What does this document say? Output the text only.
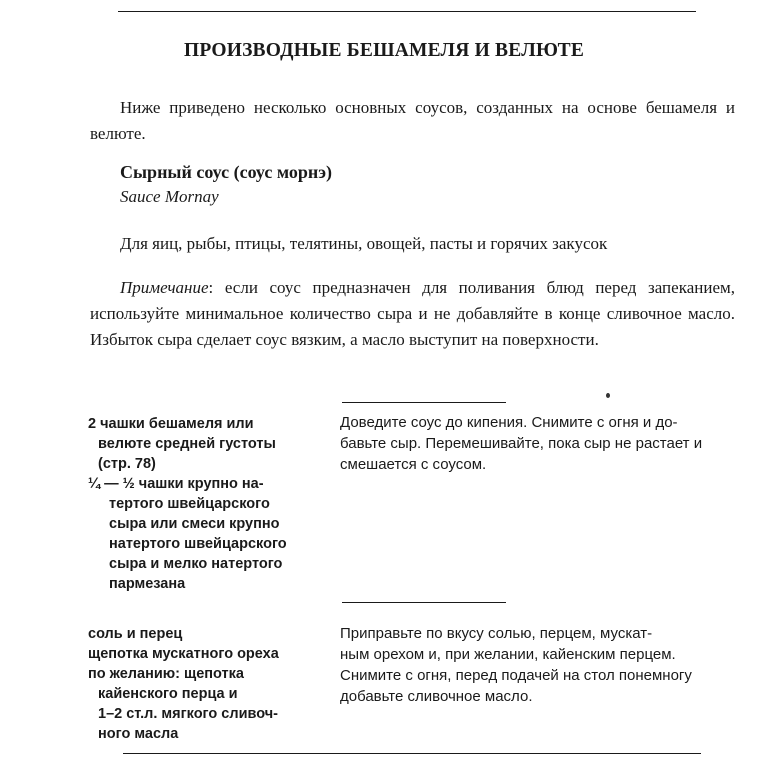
ПРОИЗВОДНЫЕ БЕШАМЕЛЯ И ВЕЛЮТЕ

Ниже приведено несколько основных соусов, созданных на основе бешамеля и велюте.

Сырный соус (соус морнэ)
Sauce Mornay

Для яиц, рыбы, птицы, телятины, овощей, пасты и горячих закусок

Примечание: если соус предназначен для поливания блюд перед запеканием, используйте минимальное количество сыра и не добавляйте в конце сливочное масло. Избыток сыра сделает соус вязким, а масло выступит на поверхности.

2 чашки бешамеля или
велюте средней густоты
(стр. 78)
¼ — ½ чашки крупно на-
тертого швейцарского
сыра или смеси крупно
натертого швейцарского
сыра и мелко натертого
пармезана

Доведите соус до кипения. Снимите с огня и до-
бавьте сыр. Перемешивайте, пока сыр не растает и
смешается с соусом.

соль и перец
щепотка мускатного ореха
по желанию: щепотка
кайенского перца и
1–2 ст.л. мягкого сливоч-
ного масла

Приправьте по вкусу солью, перцем, мускат-
ным орехом и, при желании, кайенским перцем.
Снимите с огня, перед подачей на стол понемногу
добавьте сливочное масло.
